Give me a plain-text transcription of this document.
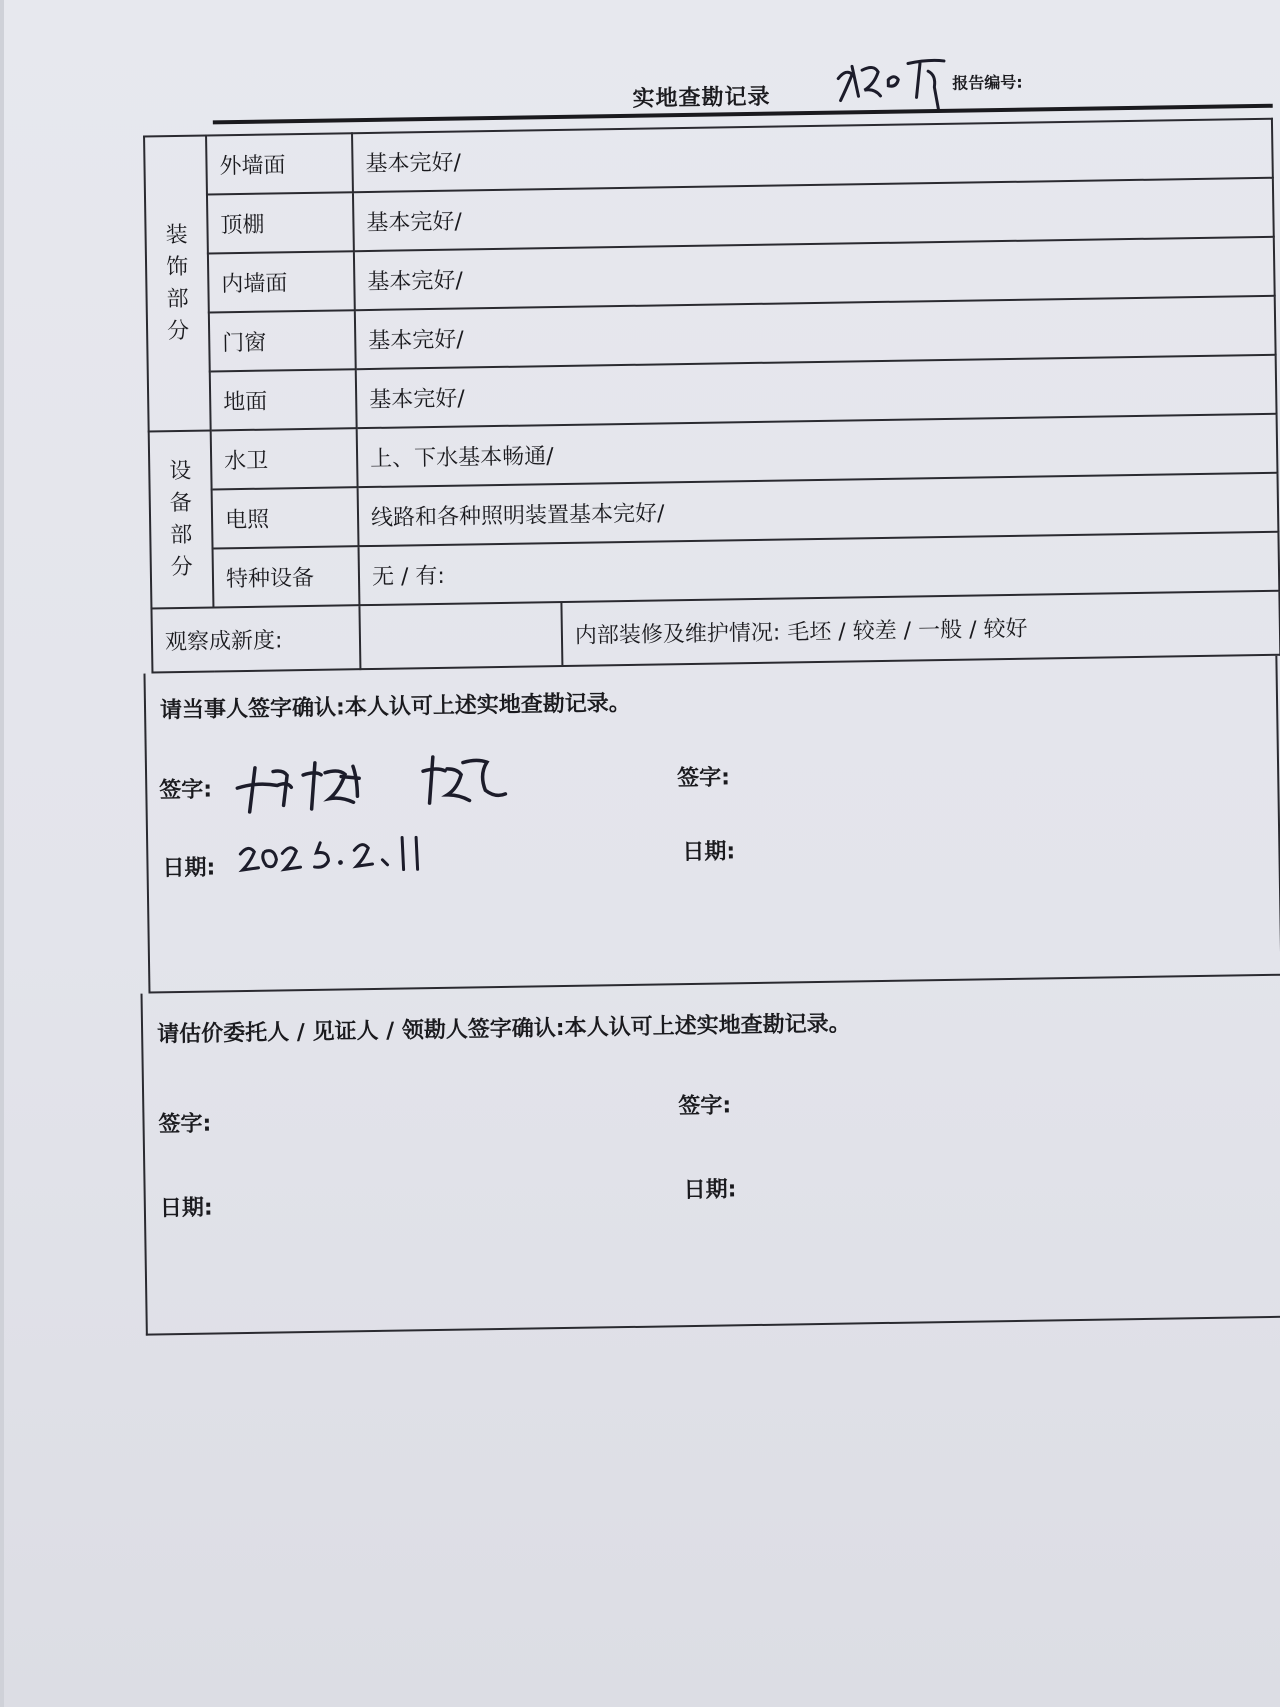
实地查勘记录
报告编号:
装饰部分	外墙面	基本完好/
	顶棚	基本完好/
	内墙面	基本完好/
	门窗	基本完好/
	地面	基本完好/
设备部分	水卫	上、下水基本畅通/
	电照	线路和各种照明装置基本完好/
	特种设备	无 / 有:
观察成新度:		内部装修及维护情况: 毛坯 / 较差 / 一般 / 较好
请当事人签字确认:本人认可上述实地查勘记录。
签字:	签字:
日期:
日期:
请估价委托人 / 见证人 / 领勘人签字确认:本人认可上述实地查勘记录。
签字:
签字:
日期:
日期:
